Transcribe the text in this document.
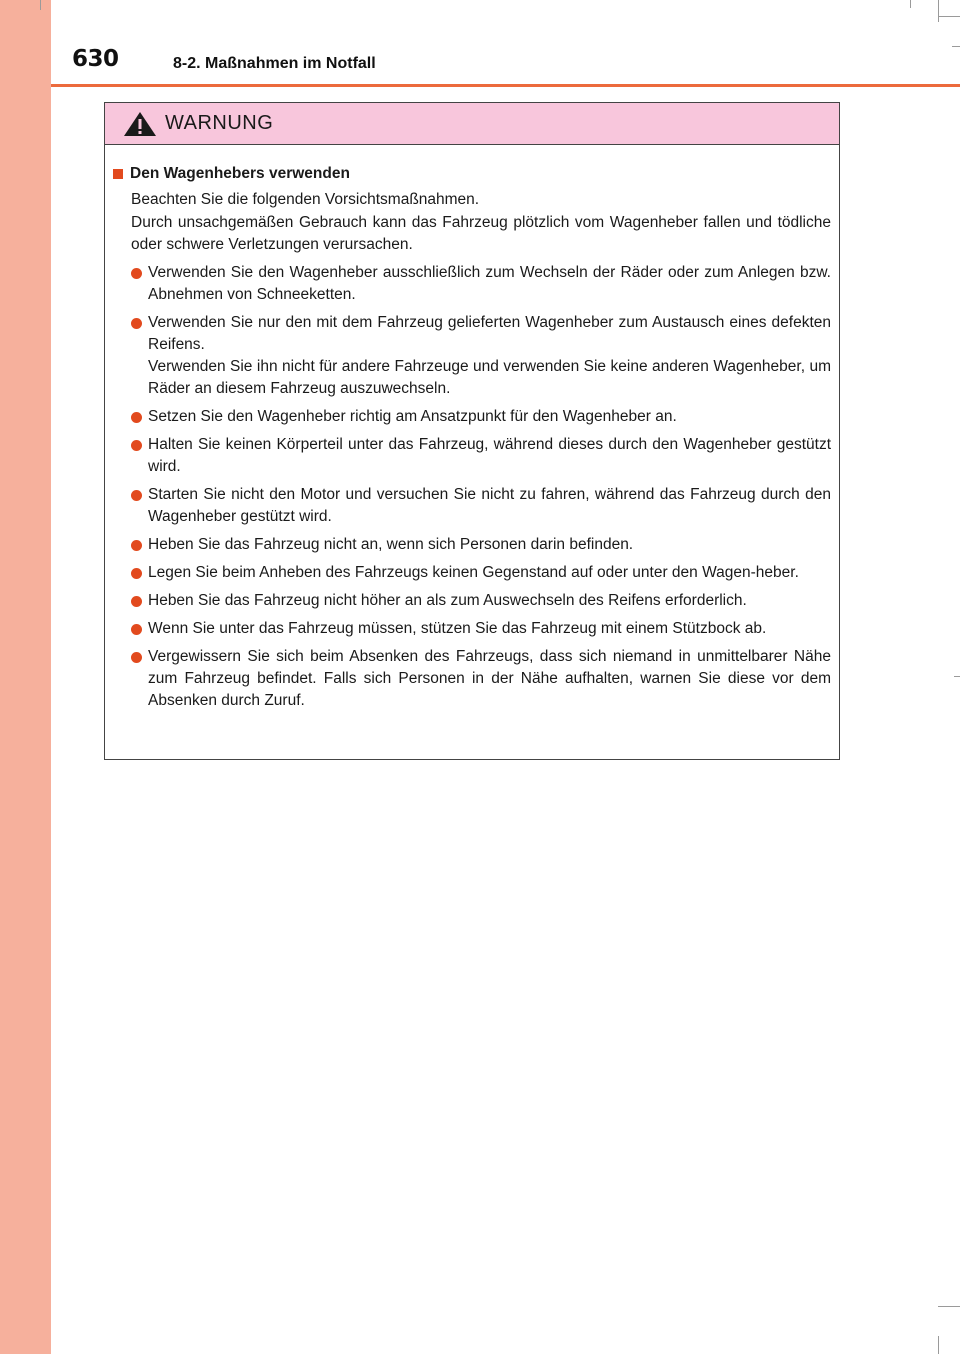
630	8-2. Maßnahmen im Notfall
WARNUNG
Den Wagenhebers verwenden
Beachten Sie die folgenden Vorsichtsmaßnahmen.
Durch unsachgemäßen Gebrauch kann das Fahrzeug plötzlich vom Wagenheber fallen und tödliche oder schwere Verletzungen verursachen.
Verwenden Sie den Wagenheber ausschließlich zum Wechseln der Räder oder zum Anlegen bzw. Abnehmen von Schneeketten.
Verwenden Sie nur den mit dem Fahrzeug gelieferten Wagenheber zum Austausch eines defekten Reifens.
Verwenden Sie ihn nicht für andere Fahrzeuge und verwenden Sie keine anderen Wagenheber, um Räder an diesem Fahrzeug auszuwechseln.
Setzen Sie den Wagenheber richtig am Ansatzpunkt für den Wagenheber an.
Halten Sie keinen Körperteil unter das Fahrzeug, während dieses durch den Wagenheber gestützt wird.
Starten Sie nicht den Motor und versuchen Sie nicht zu fahren, während das Fahrzeug durch den Wagenheber gestützt wird.
Heben Sie das Fahrzeug nicht an, wenn sich Personen darin befinden.
Legen Sie beim Anheben des Fahrzeugs keinen Gegenstand auf oder unter den Wagen-heber.
Heben Sie das Fahrzeug nicht höher an als zum Auswechseln des Reifens erforderlich.
Wenn Sie unter das Fahrzeug müssen, stützen Sie das Fahrzeug mit einem Stützbock ab.
Vergewissern Sie sich beim Absenken des Fahrzeugs, dass sich niemand in unmittelbarer Nähe zum Fahrzeug befindet. Falls sich Personen in der Nähe aufhalten, warnen Sie diese vor dem Absenken durch Zuruf.
